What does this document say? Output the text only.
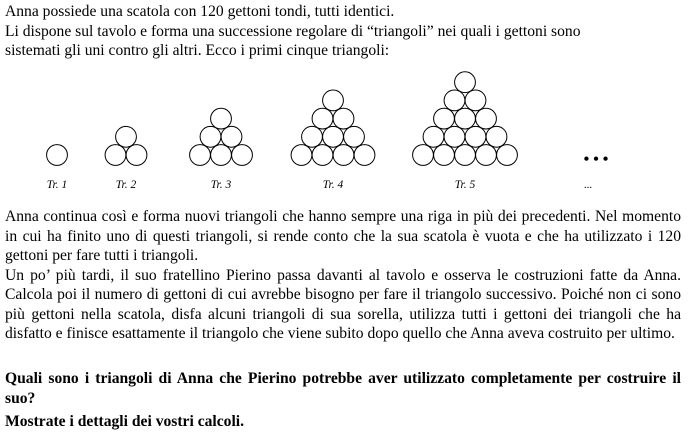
Anna possiede una scatola con 120 gettoni tondi, tutti identici.
Li dispone sul tavolo e forma una successione regolare di “triangoli” nei quali i gettoni sono
sistemati gli uni contro gli altri. Ecco i primi cinque triangoli:
Tr. 1	Tr. 2	Tr. 3	Tr. 4	Tr. 5
• • •
...
Anna continua così e forma nuovi triangoli che hanno sempre una riga in più dei precedenti. Nel momento in cui ha finito uno di questi triangoli, si rende conto che la sua scatola è vuota e che ha utilizzato i 120 gettoni per fare tutti i triangoli.
Un po’ più tardi, il suo fratellino Pierino passa davanti al tavolo e osserva le costruzioni fatte da Anna. Calcola poi il numero di gettoni di cui avrebbe bisogno per fare il triangolo successivo. Poiché non ci sono più gettoni nella scatola, disfa alcuni triangoli di sua sorella, utilizza tutti i gettoni dei triangoli che ha disfatto e finisce esattamente il triangolo che viene subito dopo quello che Anna aveva costruito per ultimo.
Quali sono i triangoli di Anna che Pierino potrebbe aver utilizzato completamente per costruire il suo?
Mostrate i dettagli dei vostri calcoli.
